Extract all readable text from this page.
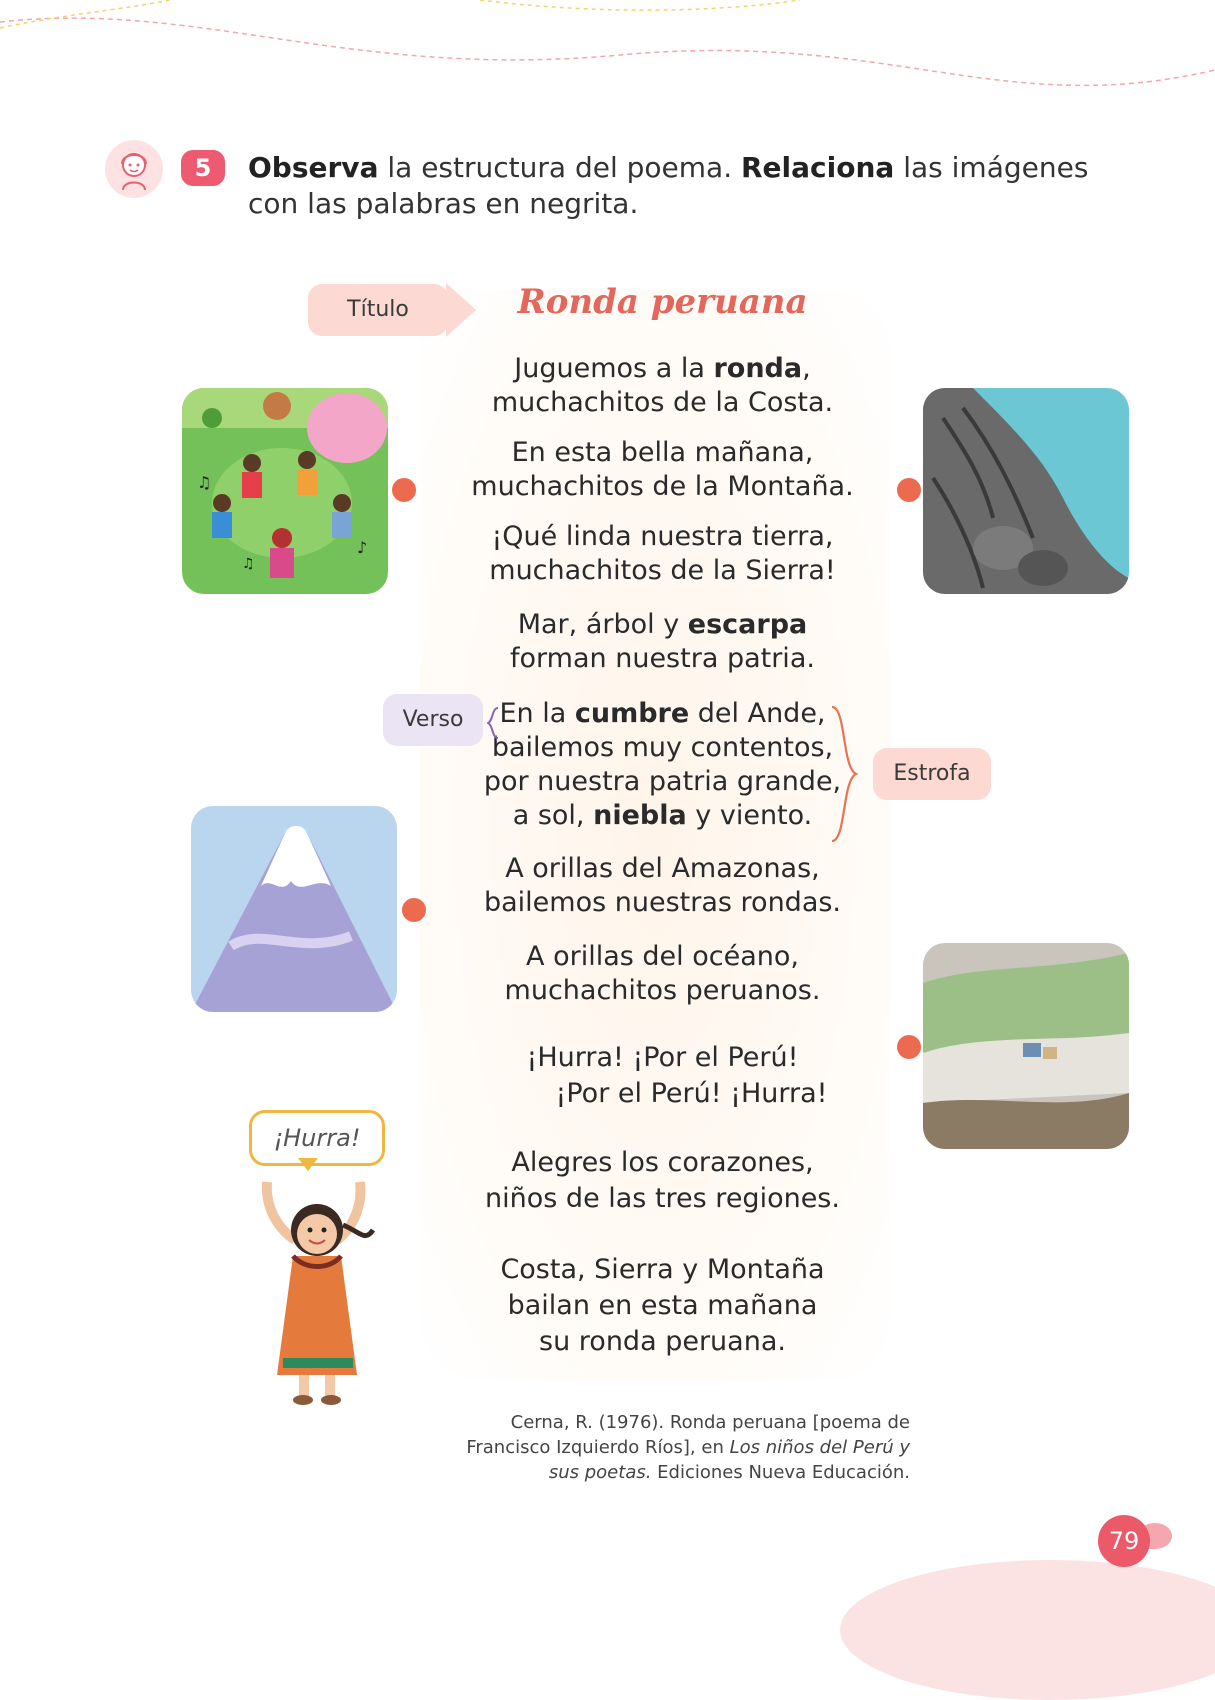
5	Observa la estructura del poema. Relaciona las imágenes con las palabras en negrita.
Título	Ronda peruana
Juguemos a la ronda,
muchachitos de la Costa.
En esta bella mañana,
muchachitos de la Montaña.
¡Qué linda nuestra tierra,
muchachitos de la Sierra!
Mar, árbol y escarpa
forman nuestra patria.
En la cumbre del Ande,
bailemos muy contentos,
por nuestra patria grande,
a sol, niebla y viento.
A orillas del Amazonas,
bailemos nuestras rondas.
A orillas del océano,
muchachitos peruanos.
¡Hurra! ¡Por el Perú!
¡Por el Perú! ¡Hurra!
Alegres los corazones,
niños de las tres regiones.
Costa, Sierra y Montaña
bailan en esta mañana
su ronda peruana.
Verso
Estrofa
♫
♪
♫
¡Hurra!
Cerna, R. (1976). Ronda peruana [poema de Francisco Izquierdo Ríos], en Los niños del Perú y sus poetas. Ediciones Nueva Educación.
79
